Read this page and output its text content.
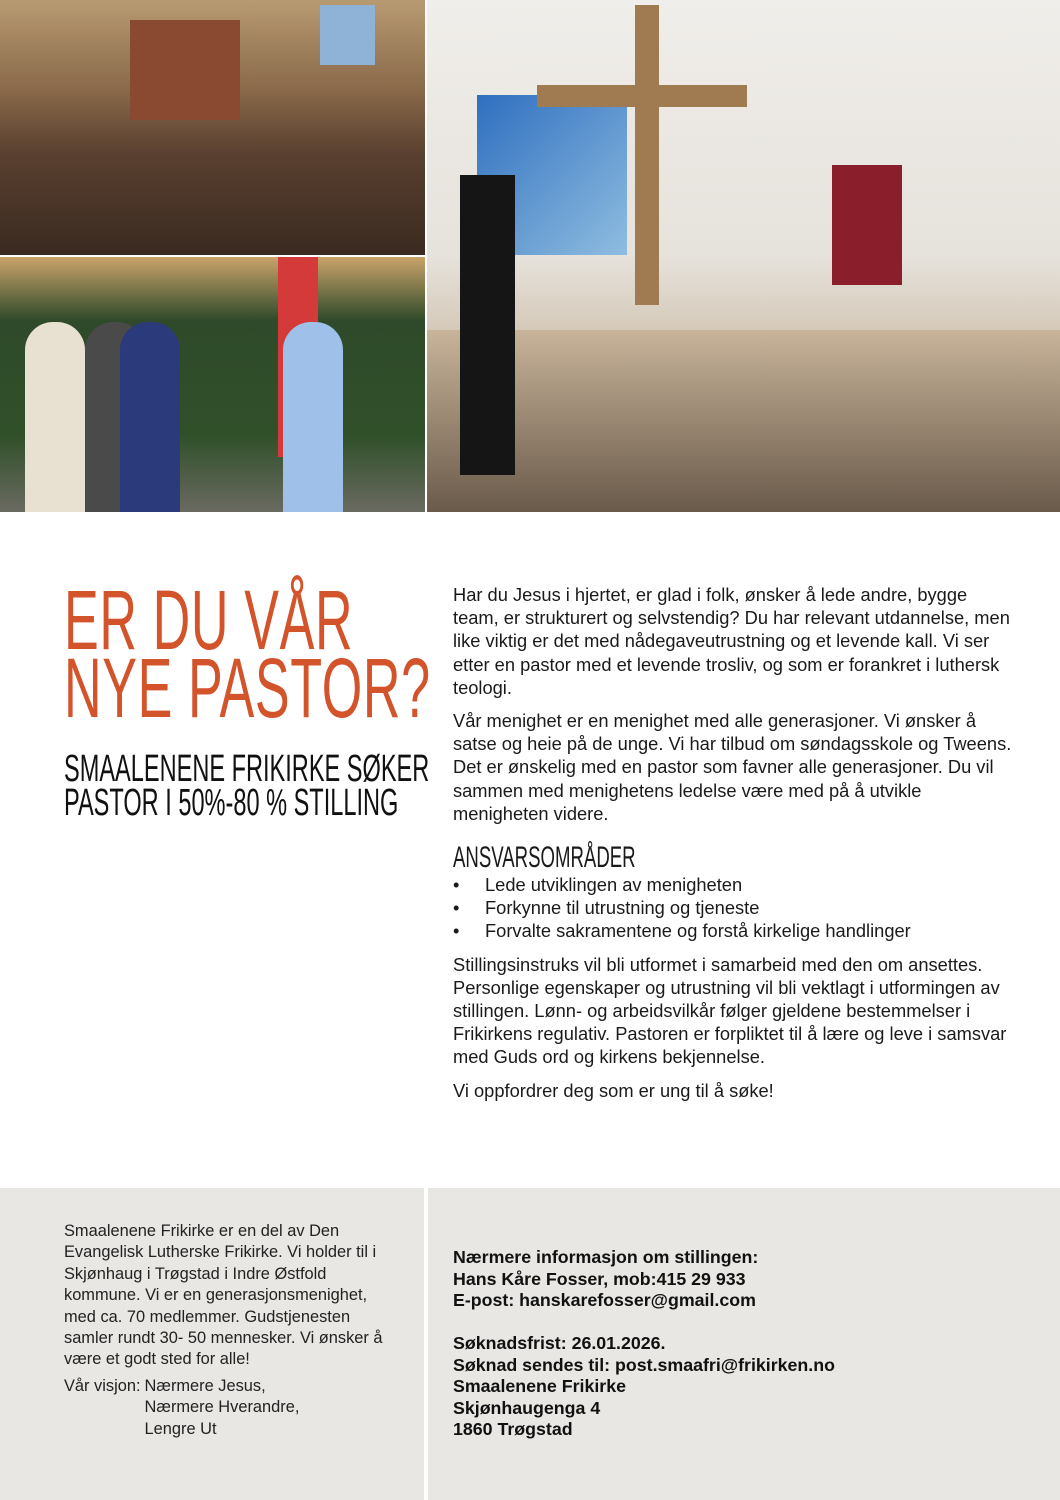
ER DU VÅR
NYE PASTOR?
SMAALENENE FRIKIRKE SØKER
PASTOR I 50%-80 % STILLING

Har du Jesus i hjertet, er glad i folk, ønsker å lede andre, bygge team, er strukturert og selvstendig? Du har relevant utdannelse, men like viktig er det med nådegaveutrustning og et levende kall. Vi ser etter en pastor med et levende trosliv, og som er forankret i luthersk teologi.

Vår menighet er en menighet med alle generasjoner. Vi ønsker å satse og heie på de unge. Vi har tilbud om søndagsskole og Tweens. Det er ønskelig med en pastor som favner alle generasjoner. Du vil sammen med menighetens ledelse være med på å utvikle menigheten videre.

ANSVARSOMRÅDER
• Lede utviklingen av menigheten
• Forkynne til utrustning og tjeneste
• Forvalte sakramentene og forstå kirkelige handlinger

Stillingsinstruks vil bli utformet i samarbeid med den om ansettes. Personlige egenskaper og utrustning vil bli vektlagt i utformingen av stillingen. Lønn- og arbeidsvilkår følger gjeldene bestemmelser i Frikirkens regulativ. Pastoren er forpliktet til å lære og leve i samsvar med Guds ord og kirkens bekjennelse.

Vi oppfordrer deg som er ung til å søke!

Smaalenene Frikirke er en del av Den Evangelisk Lutherske Frikirke. Vi holder til i Skjønhaug i Trøgstad i Indre Østfold kommune. Vi er en generasjonsmenighet, med ca. 70 medlemmer. Gudstjenesten samler rundt 30- 50 mennesker. Vi ønsker å være et godt sted for alle!

Vår visjon: Nærmere Jesus,
Nærmere Hverandre,
Lengre Ut
Nærmere informasjon om stillingen:
Hans Kåre Fosser, mob:415 29 933
E-post: hanskarefosser@gmail.com
Søknadsfrist: 26.01.2026.
Søknad sendes til: post.smaafri@frikirken.no
Smaalenene Frikirke
Skjønhaugenga 4
1860 Trøgstad
